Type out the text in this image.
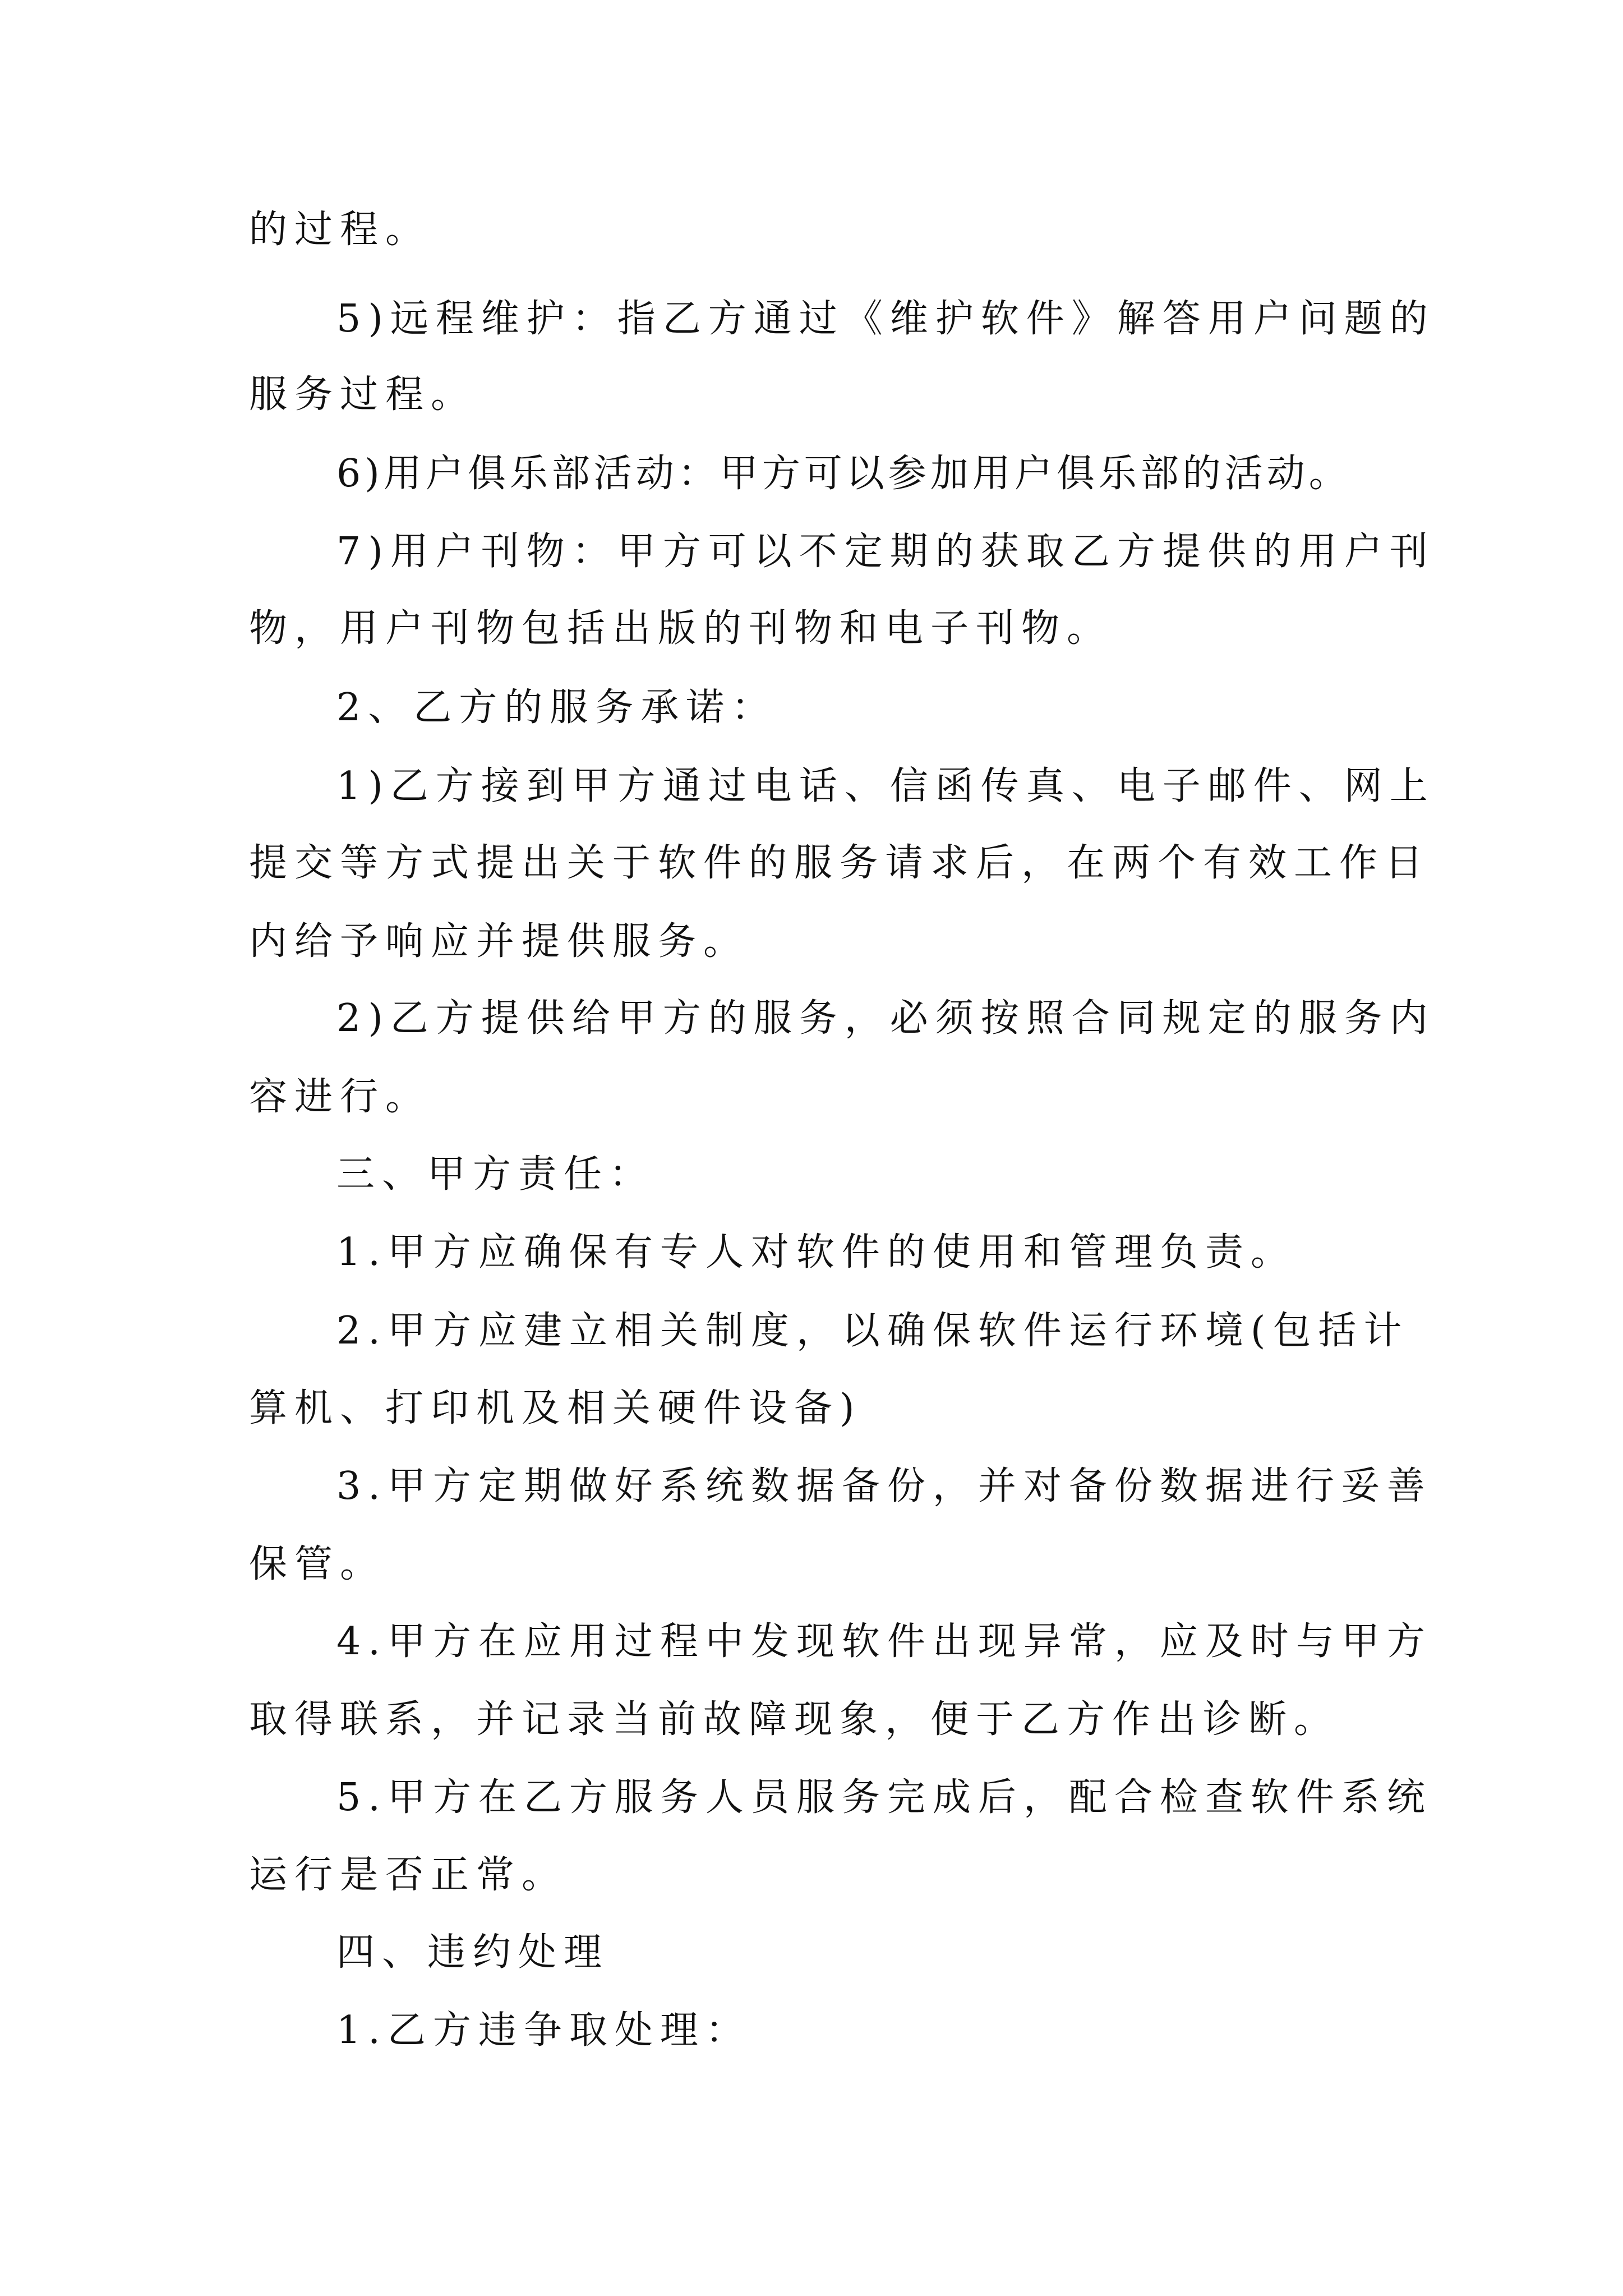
的过程。

5)远程维护：指乙方通过《维护软件》解答用户问题的

服务过程。

6)用户俱乐部活动：甲方可以参加用户俱乐部的活动。

7)用户刊物：甲方可以不定期的获取乙方提供的用户刊

物，用户刊物包括出版的刊物和电子刊物。

2、乙方的服务承诺：

1)乙方接到甲方通过电话、信函传真、电子邮件、网上

提交等方式提出关于软件的服务请求后，在两个有效工作日

内给予响应并提供服务。

2)乙方提供给甲方的服务，必须按照合同规定的服务内

容进行。

三、甲方责任：

1.甲方应确保有专人对软件的使用和管理负责。

2.甲方应建立相关制度，以确保软件运行环境(包括计

算机、打印机及相关硬件设备)

3.甲方定期做好系统数据备份，并对备份数据进行妥善

保管。

4.甲方在应用过程中发现软件出现异常，应及时与甲方

取得联系，并记录当前故障现象，便于乙方作出诊断。

5.甲方在乙方服务人员服务完成后，配合检查软件系统

运行是否正常。

四、违约处理

1.乙方违争取处理：
